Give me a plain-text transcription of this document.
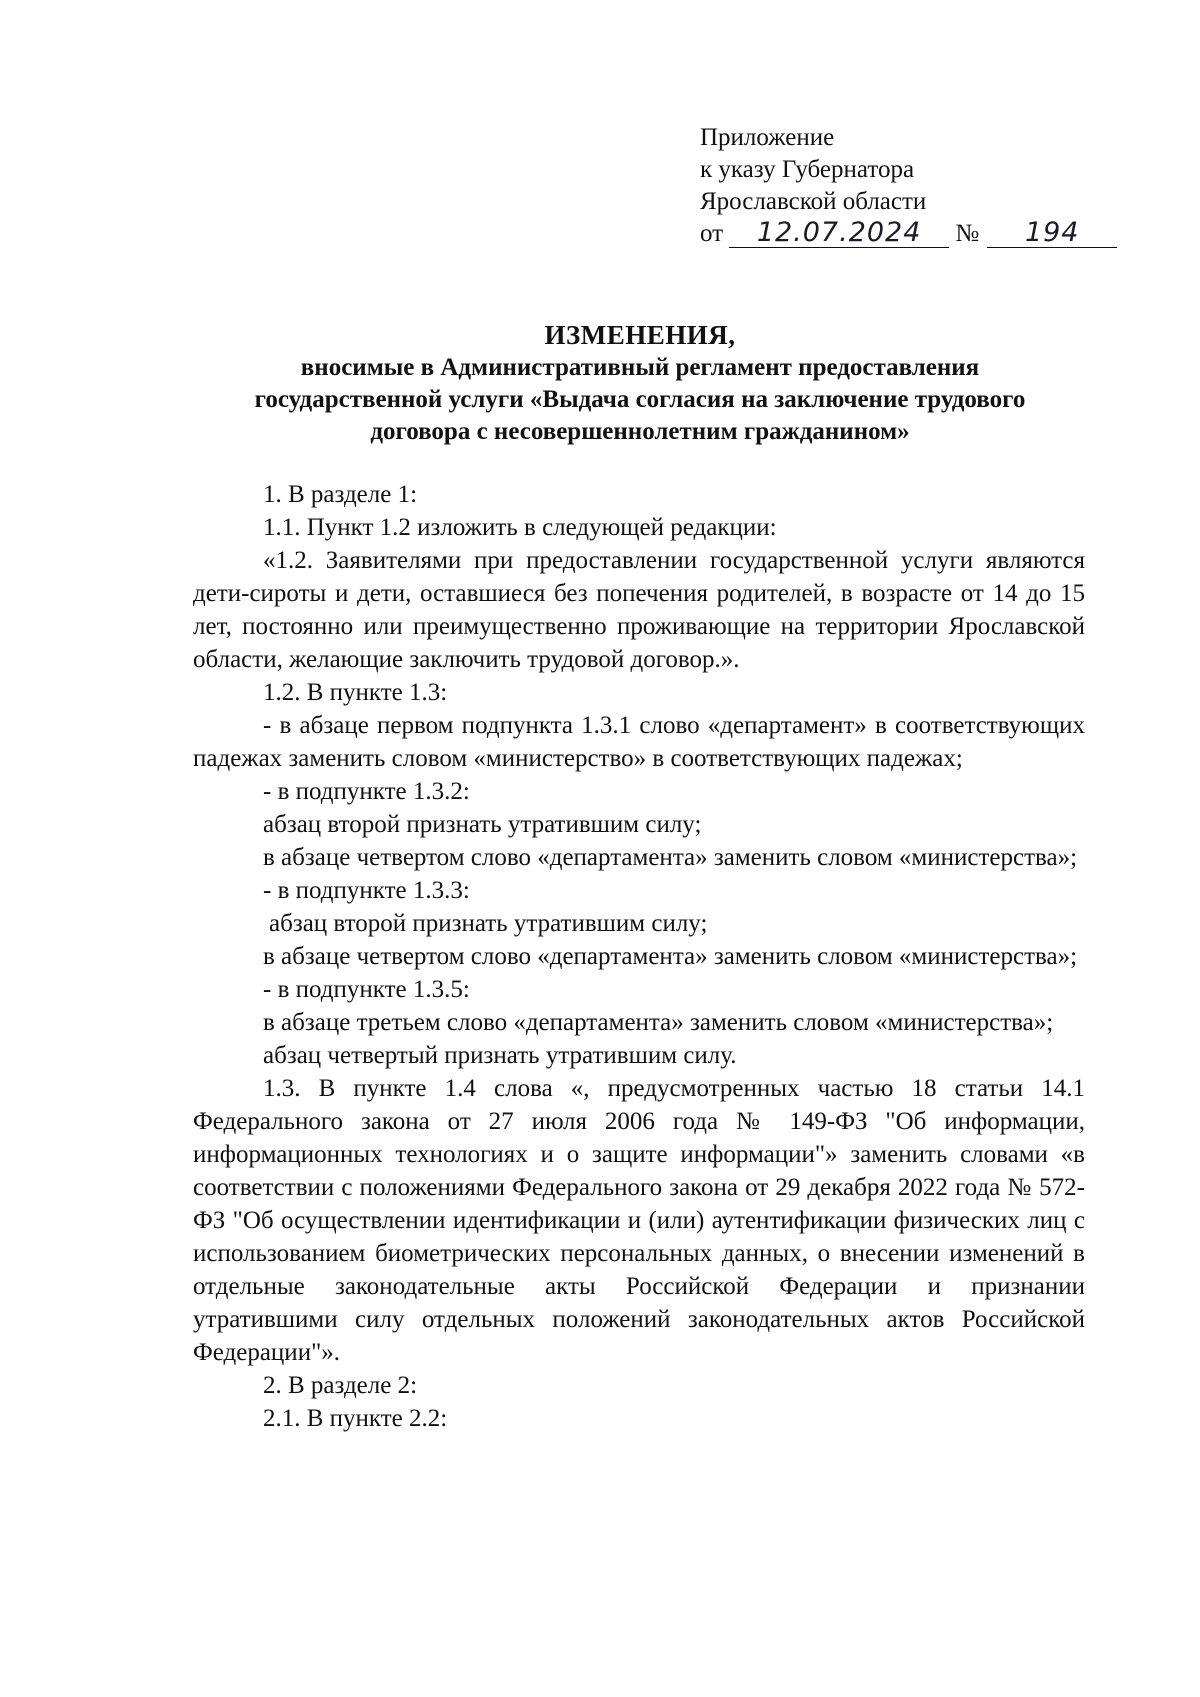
Приложение
к указу Губернатора
Ярославской области
от 12.07.2024 № 194
ИЗМЕНЕНИЯ,
вносимые в Административный регламент предоставления
государственной услуги «Выдача согласия на заключение трудового
договора с несовершеннолетним гражданином»

1. В разделе 1:

1.1. Пункт 1.2 изложить в следующей редакции:

«1.2. Заявителями при предоставлении государственной услуги являются дети-сироты и дети, оставшиеся без попечения родителей, в возрасте от 14 до 15 лет, постоянно или преимущественно проживающие на территории Ярославской области, желающие заключить трудовой договор.».

1.2. В пункте 1.3:

- в абзаце первом подпункта 1.3.1 слово «департамент» в соответствующих падежах заменить словом «министерство» в соответствующих падежах;

- в подпункте 1.3.2:

абзац второй признать утратившим силу;

в абзаце четвертом слово «департамента» заменить словом «министерства»;

- в подпункте 1.3.3:

абзац второй признать утратившим силу;

в абзаце четвертом слово «департамента» заменить словом «министерства»;

- в подпункте 1.3.5:

в абзаце третьем слово «департамента» заменить словом «министерства»;

абзац четвертый признать утратившим силу.

1.3. В пункте 1.4 слова «, предусмотренных частью 18 статьи 14.1 Федерального закона от 27 июля 2006 года № 149-ФЗ "Об информации, информационных технологиях и о защите информации"» заменить словами «в соответствии с положениями Федерального закона от 29 декабря 2022 года № 572-ФЗ "Об осуществлении идентификации и (или) аутентификации физических лиц с использованием биометрических персональных данных, о внесении изменений в отдельные законодательные акты Российской Федерации и признании утратившими силу отдельных положений законодательных актов Российской Федерации"».

2. В разделе 2:

2.1. В пункте 2.2:
